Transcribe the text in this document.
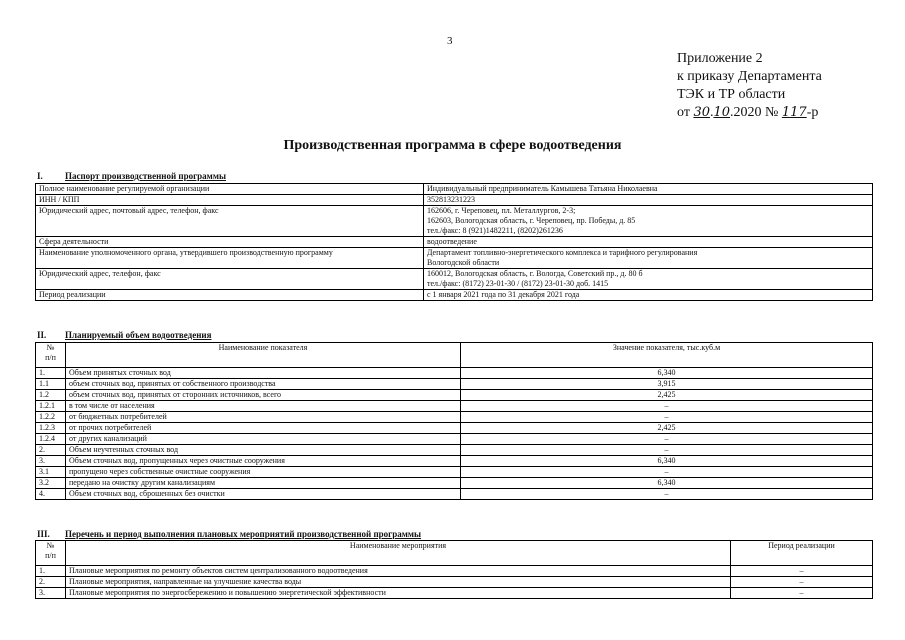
3
Приложение 2
к приказу Департамента
ТЭК и ТР области
от 30.10.2020 № 117-р
Производственная программа в сфере водоотведения
I. Паспорт производственной программы
Полное наименование регулируемой организации	Индивидуальный предприниматель Камышева Татьяна Николаевна

ИНН / КПП	352813231223

Юридический адрес, почтовый адрес, телефон, факс	162606, г. Череповец, пл. Металлургов, 2-3;
162603, Вологодская область, г. Череповец, пр. Победы, д. 85
тел./факс: 8 (921)1482211, (8202)261236

Сфера деятельности	водоотведение

Наименование уполномоченного органа, утвердившего производственную программу	Департамент топливно-энергетического комплекса и тарифного регулирования
Вологодской области

Юридический адрес, телефон, факс	160012, Вологодская область, г. Вологда, Советский пр., д. 80 б
тел./факс: (8172) 23-01-30 / (8172) 23-01-30 доб. 1415

Период реализации	с 1 января 2021 года по 31 декабря 2021 года
II. Планируемый объем водоотведения
№
п/п	Наименование показателя	Значение показателя, тыс.куб.м
1.	Объем принятых сточных вод	6,340
1.1	объем сточных вод, принятых от собственного производства	3,915
1.2	объем сточных вод, принятых от сторонних источников, всего	2,425
1.2.1	в том числе от населения	–
1.2.2	от бюджетных потребителей	–
1.2.3	от прочих потребителей	2,425
1.2.4	от других канализаций	–
2.	Объем неучтенных сточных вод	–
3.	Объем сточных вод, пропущенных через очистные сооружения	6,340
3.1	пропущено через собственные очистные сооружения	–
3.2	передано на очистку другим канализациям	6,340
4.	Объем сточных вод, сброшенных без очистки	–
III. Перечень и период выполнения плановых мероприятий производственной программы
№
п/п	Наименование мероприятия	Период реализации
1.	Плановые мероприятия по ремонту объектов систем централизованного водоотведения	–
2.	Плановые мероприятия, направленные на улучшение качества воды	–
3.	Плановые мероприятия по энергосбережению и повышению энергетической эффективности	–
